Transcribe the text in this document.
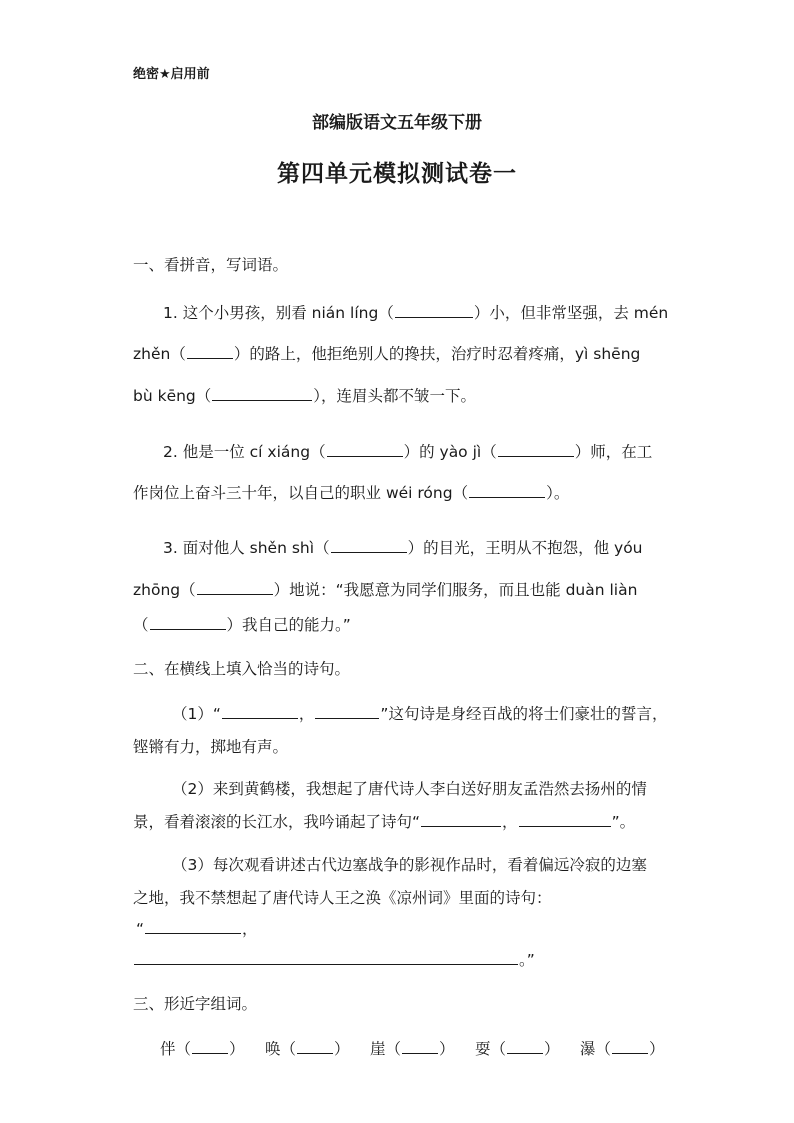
绝密★启用前
部编版语文五年级下册
第四单元模拟测试卷一
一、看拼音，写词语。
1. 这个小男孩，别看 nián líng（	）小，但非常坚强，去 mén
zhěn（	）的路上，他拒绝别人的搀扶，治疗时忍着疼痛，yì shēng
bù kēng（	），连眉头都不皱一下。
2. 他是一位 cí xiáng（	）的 yào jì（	）师，在工
作岗位上奋斗三十年，以自己的职业 wéi róng（	）。
3. 面对他人 shěn shì（	）的目光，王明从不抱怨，他 yóu
zhōng（	）地说：“我愿意为同学们服务，而且也能 duàn liàn
（	）我自己的能力。”
二、在横线上填入恰当的诗句。
（1）“	，	”这句诗是身经百战的将士们豪壮的誓言，
铿锵有力，掷地有声。
（2）来到黄鹤楼，我想起了唐代诗人李白送好朋友孟浩然去扬州的情
景，看着滚滚的长江水，我吟诵起了诗句“	，	”。
（3）每次观看讲述古代边塞战争的影视作品时，看着偏远冷寂的边塞
之地，我不禁想起了唐代诗人王之涣《凉州词》里面的诗句：
“	，
。”
三、形近字组词。
伴（ ） 唤（ ） 崖（ ） 耍（ ） 瀑（ ）
